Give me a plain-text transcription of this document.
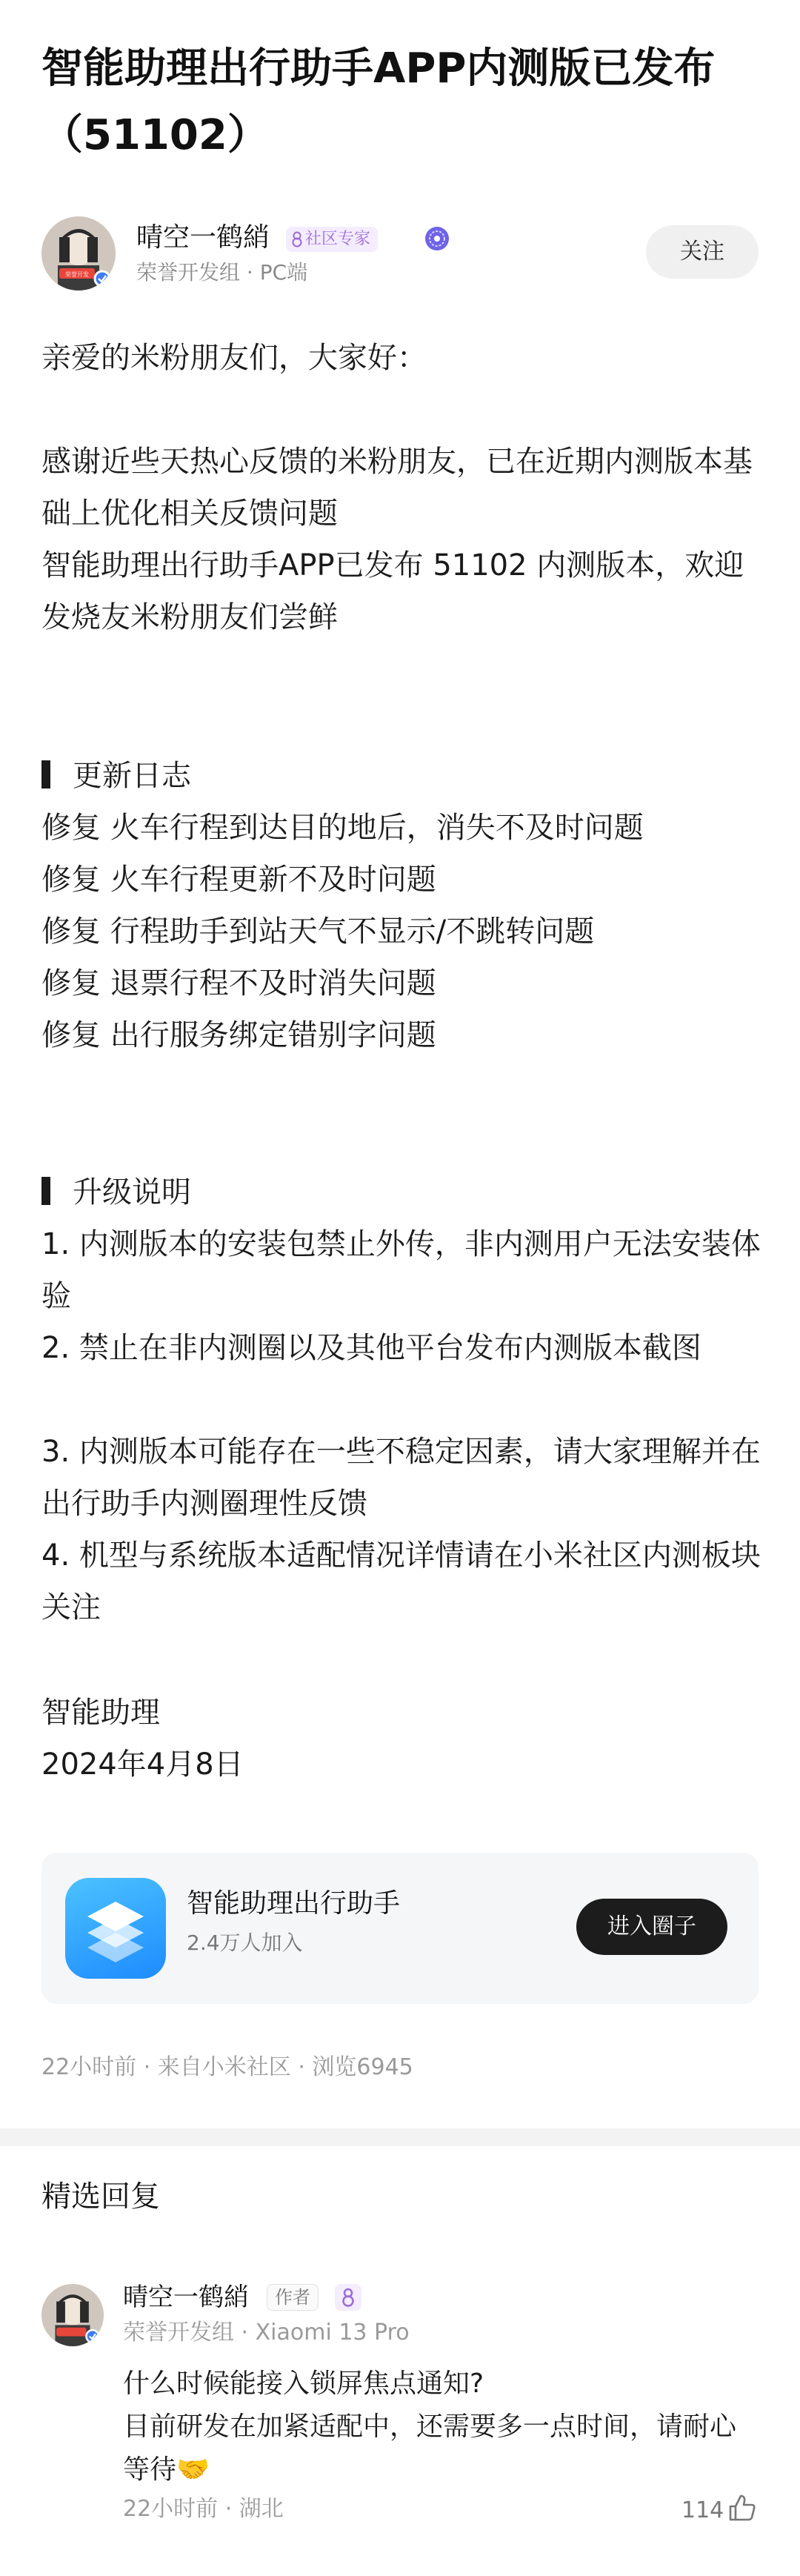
智能助理出行助手APP内测版已发布（51102）
荣誉开发
晴空一鹤綃	社区专家
荣誉开发组 · PC端
关注
亲爱的米粉朋友们，大家好：
感谢近些天热心反馈的米粉朋友，已在近期内测版本基础上优化相关反馈问题
智能助理出行助手APP已发布 51102 内测版本，欢迎发烧友米粉朋友们尝鲜
更新日志
修复 火车行程到达目的地后，消失不及时问题
修复 火车行程更新不及时问题
修复 行程助手到站天气不显示/不跳转问题
修复 退票行程不及时消失问题
修复 出行服务绑定错别字问题
升级说明
1. 内测版本的安装包禁止外传，非内测用户无法安装体验
2. 禁止在非内测圈以及其他平台发布内测版本截图
3. 内测版本可能存在一些不稳定因素，请大家理解并在出行助手内测圈理性反馈
4. 机型与系统版本适配情况详情请在小米社区内测板块关注
智能助理
2024年4月8日
智能助理出行助手
2.4万人加入
进入圈子
22小时前 · 来自小米社区 · 浏览6945
精选回复
晴空一鹤綃	作者
荣誉开发组 · Xiaomi 13 Pro
什么时候能接入锁屏焦点通知?
目前研发在加紧适配中，还需要多一点时间，请耐心等待🤝
22小时前 · 湖北	114
